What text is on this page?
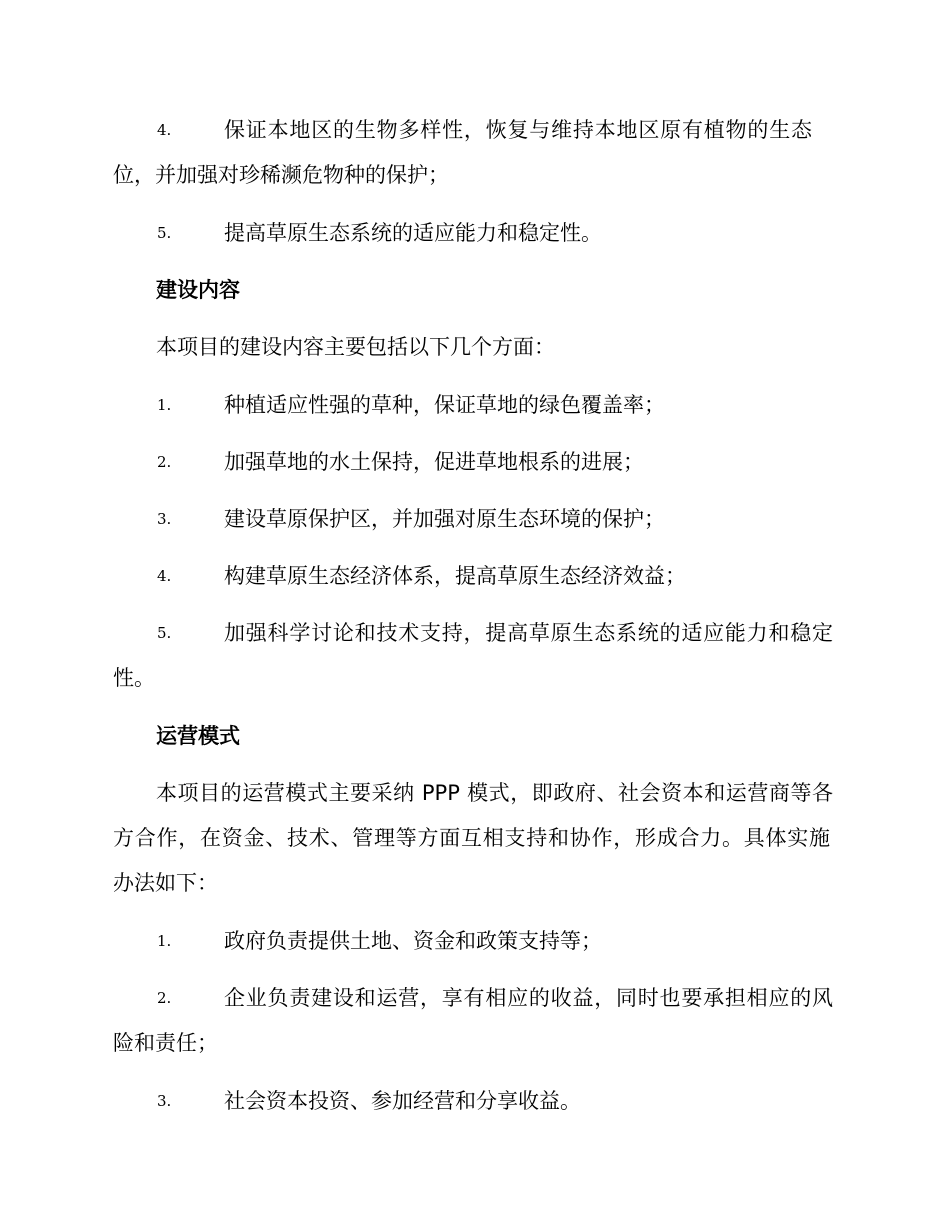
4.	保证本地区的生物多样性，恢复与维持本地区原有植物的生态
位，并加强对珍稀濒危物种的保护；
5.	提高草原生态系统的适应能力和稳定性。
建设内容
本项目的建设内容主要包括以下几个方面：
1.	种植适应性强的草种，保证草地的绿色覆盖率；
2.	加强草地的水土保持，促进草地根系的进展；
3.	建设草原保护区，并加强对原生态环境的保护；
4.	构建草原生态经济体系，提高草原生态经济效益；
5.	加强科学讨论和技术支持，提高草原生态系统的适应能力和稳定
性。
运营模式
本项目的运营模式主要采纳 PPP 模式，即政府、社会资本和运营商等各
方合作，在资金、技术、管理等方面互相支持和协作，形成合力。具体实施
办法如下：
1.	政府负责提供土地、资金和政策支持等；
2.	企业负责建设和运营，享有相应的收益，同时也要承担相应的风
险和责任；
3.	社会资本投资、参加经营和分享收益。
